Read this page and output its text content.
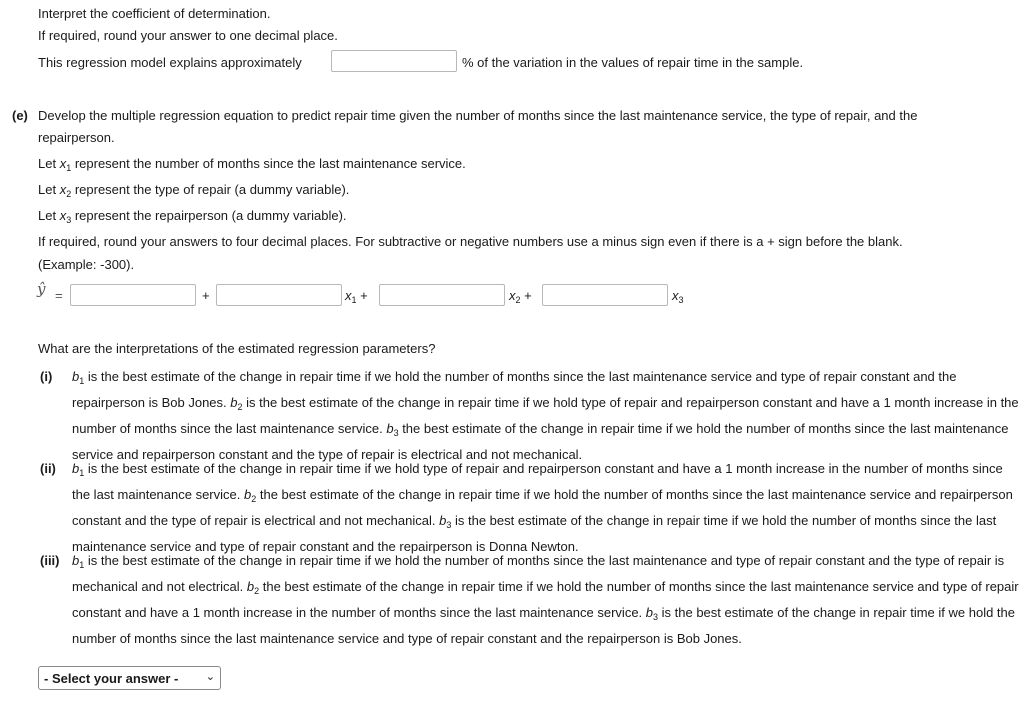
Interpret the coefficient of determination.
If required, round your answer to one decimal place.
This regression model explains approximately	% of the variation in the values of repair time in the sample.
(e) Develop the multiple regression equation to predict repair time given the number of months since the last maintenance service, the type of repair, and the
repairperson.
Let $x_1$ represent the number of months since the last maintenance service.
Let $x_2$ represent the type of repair (a dummy variable).
Let $x_3$ represent the repairperson (a dummy variable).
If required, round your answers to four decimal places. For subtractive or negative numbers use a minus sign even if there is a + sign before the blank.
(Example: -300).
ŷ =	+	$x_1$ +	$x_2$ +	$x_3$
What are the interpretations of the estimated regression parameters?
(i) $b_1$ is the best estimate of the change in repair time if we hold the number of months since the last maintenance service and type of repair constant and the repairperson is Bob Jones. $b_2$ is the best estimate of the change in repair time if we hold type of repair and repairperson constant and have a 1 month increase in the number of months since the last maintenance service. $b_3$ the best estimate of the change in repair time if we hold the number of months since the last maintenance service and repairperson constant and the type of repair is electrical and not mechanical.
(ii) $b_1$ is the best estimate of the change in repair time if we hold type of repair and repairperson constant and have a 1 month increase in the number of months since the last maintenance service. $b_2$ the best estimate of the change in repair time if we hold the number of months since the last maintenance service and repairperson constant and the type of repair is electrical and not mechanical. $b_3$ is the best estimate of the change in repair time if we hold the number of months since the last maintenance service and type of repair constant and the repairperson is Donna Newton.
(iii) $b_1$ is the best estimate of the change in repair time if we hold the number of months since the last maintenance and type of repair constant and the type of repair is mechanical and not electrical. $b_2$ the best estimate of the change in repair time if we hold the number of months since the last maintenance service and type of repair constant and have a 1 month increase in the number of months since the last maintenance service. $b_3$ is the best estimate of the change in repair time if we hold the number of months since the last maintenance service and type of repair constant and the repairperson is Bob Jones.
- Select your answer - ⌄
